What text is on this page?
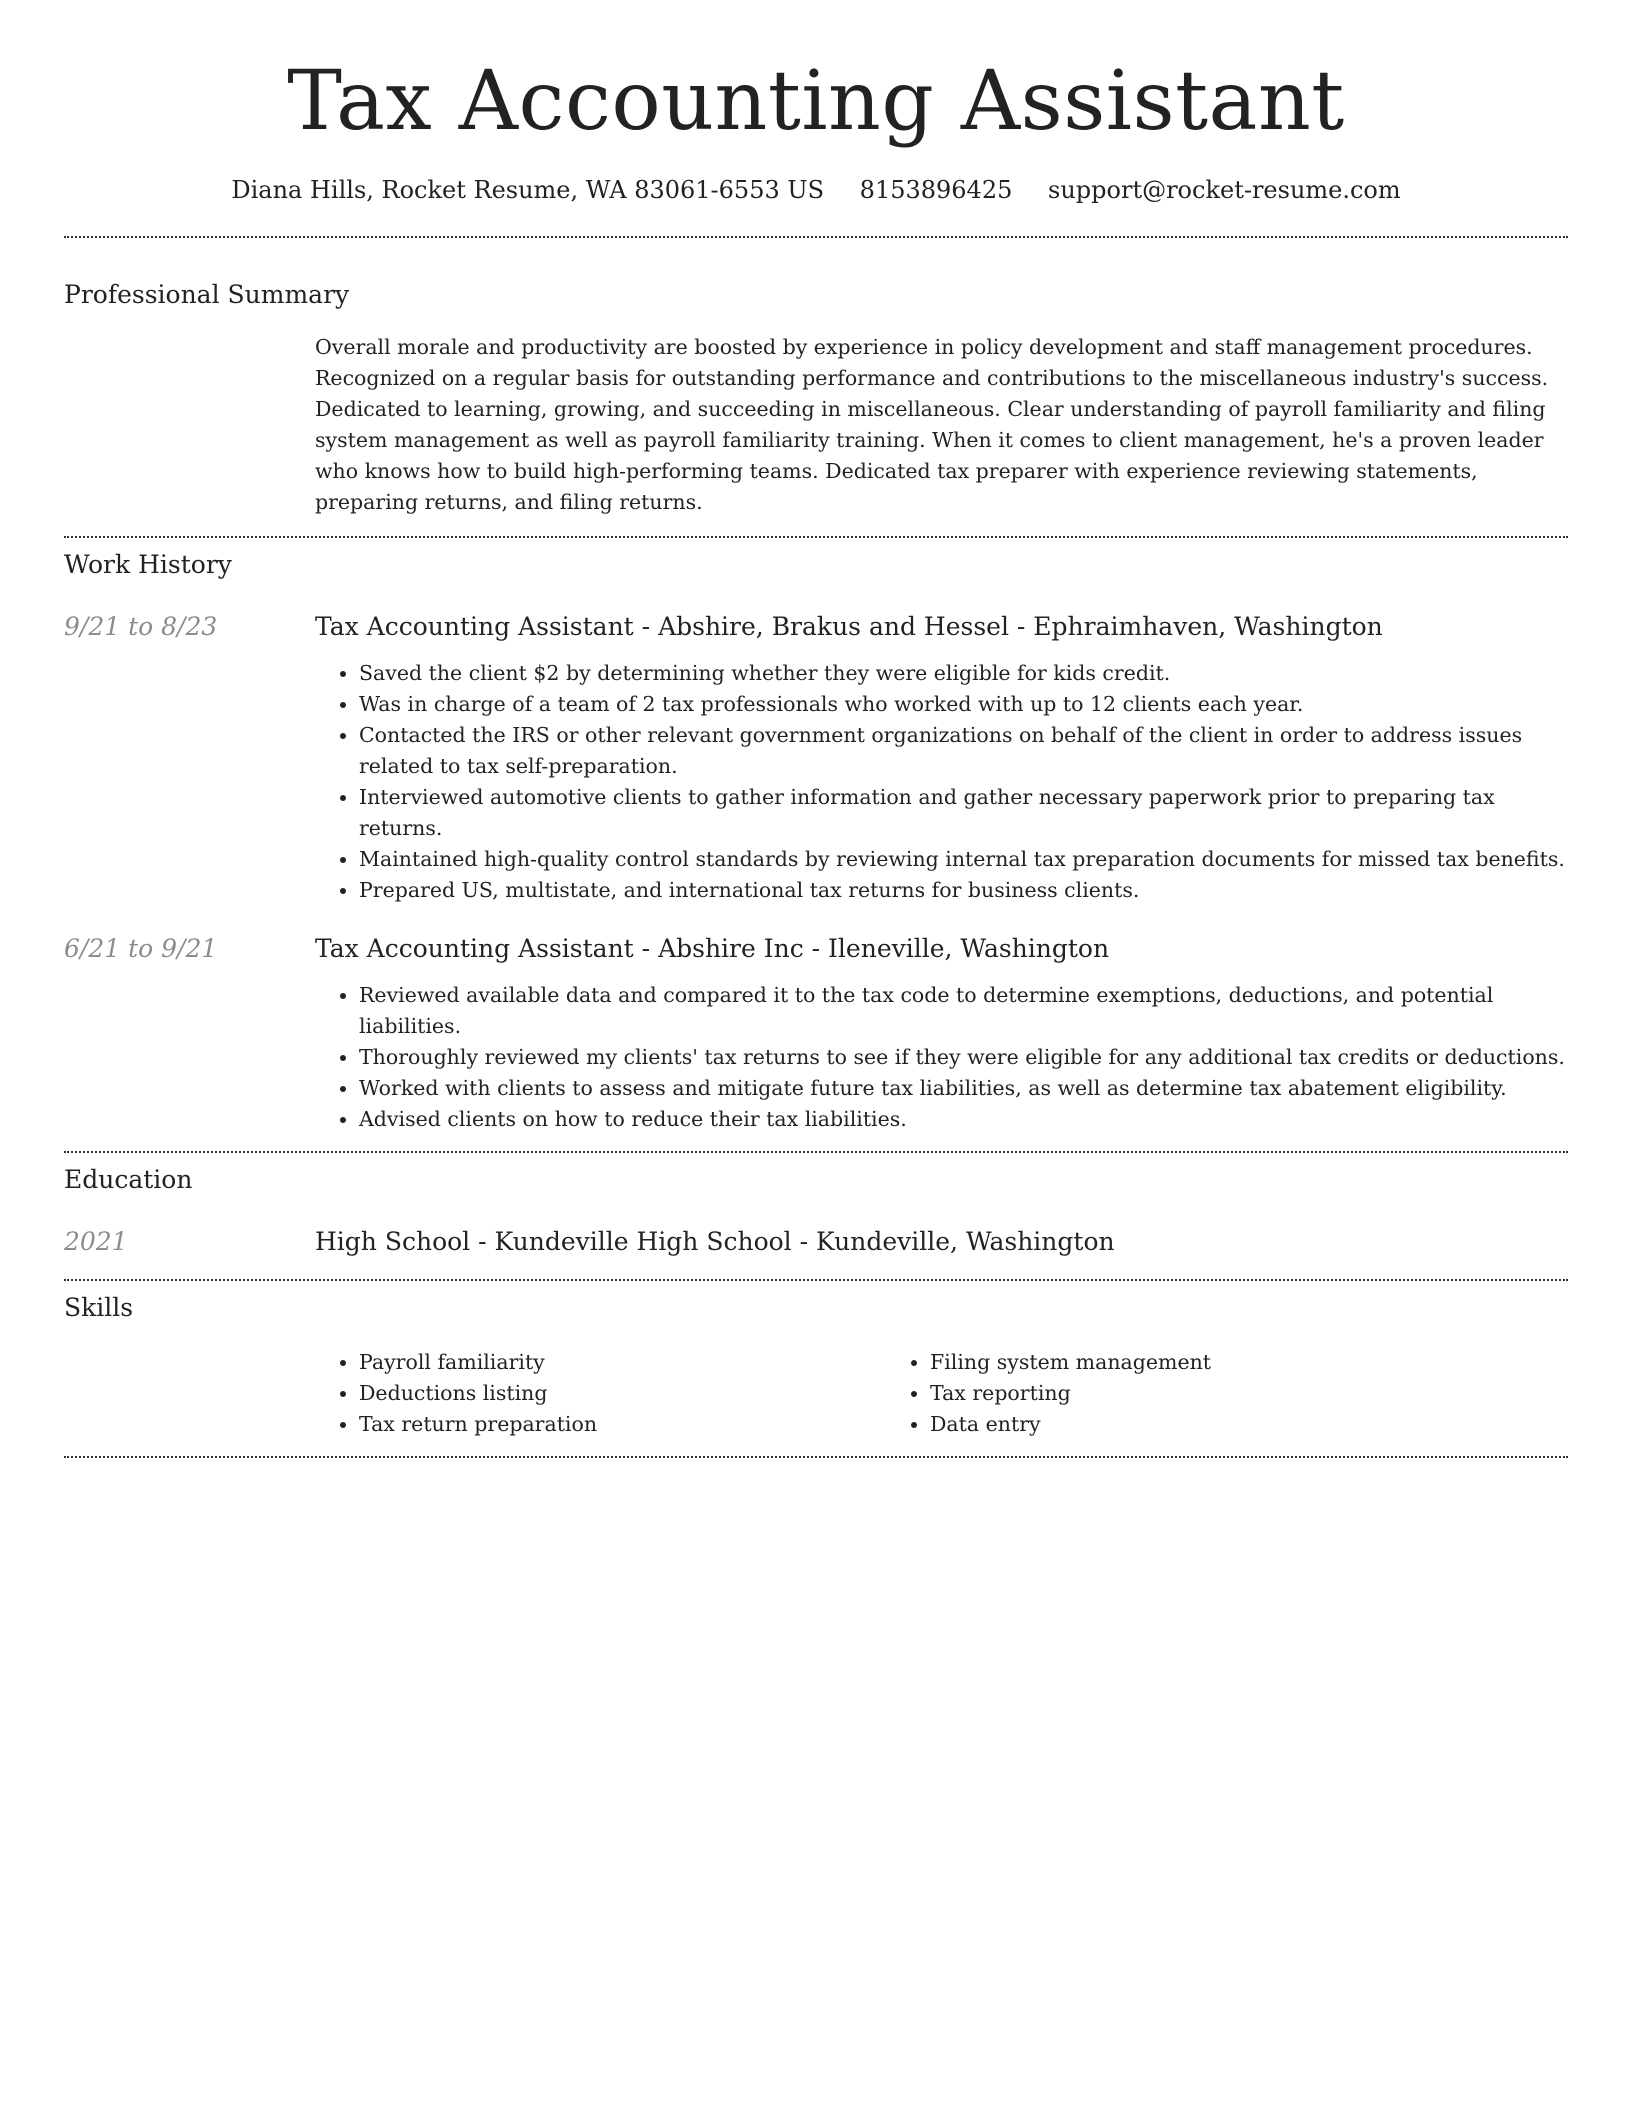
Tax Accounting Assistant
Diana Hills, Rocket Resume, WA 83061-6553 US 8153896425 support@rocket-resume.com
Professional Summary

Overall morale and productivity are boosted by experience in policy development and staff management procedures. Recognized on a regular basis for outstanding performance and contributions to the miscellaneous industry's success. Dedicated to learning, growing, and succeeding in miscellaneous. Clear understanding of payroll familiarity and filing system management as well as payroll familiarity training. When it comes to client management, he's a proven leader who knows how to build high-performing teams. Dedicated tax preparer with experience reviewing statements, preparing returns, and filing returns.

Work History
9/21 to 8/23	Tax Accounting Assistant - Abshire, Brakus and Hessel - Ephraimhaven, Washington
• Saved the client $2 by determining whether they were eligible for kids credit.
• Was in charge of a team of 2 tax professionals who worked with up to 12 clients each year.
• Contacted the IRS or other relevant government organizations on behalf of the client in order to address issues related to tax self-preparation.
• Interviewed automotive clients to gather information and gather necessary paperwork prior to preparing tax returns.
• Maintained high-quality control standards by reviewing internal tax preparation documents for missed tax benefits.
• Prepared US, multistate, and international tax returns for business clients.
6/21 to 9/21	Tax Accounting Assistant - Abshire Inc - Ileneville, Washington
• Reviewed available data and compared it to the tax code to determine exemptions, deductions, and potential liabilities.
• Thoroughly reviewed my clients' tax returns to see if they were eligible for any additional tax credits or deductions.
• Worked with clients to assess and mitigate future tax liabilities, as well as determine tax abatement eligibility.
• Advised clients on how to reduce their tax liabilities.
Education
2021	High School - Kundeville High School - Kundeville, Washington
Skills
• Payroll familiarity
• Deductions listing
• Tax return preparation
• Filing system management
• Tax reporting
• Data entry
